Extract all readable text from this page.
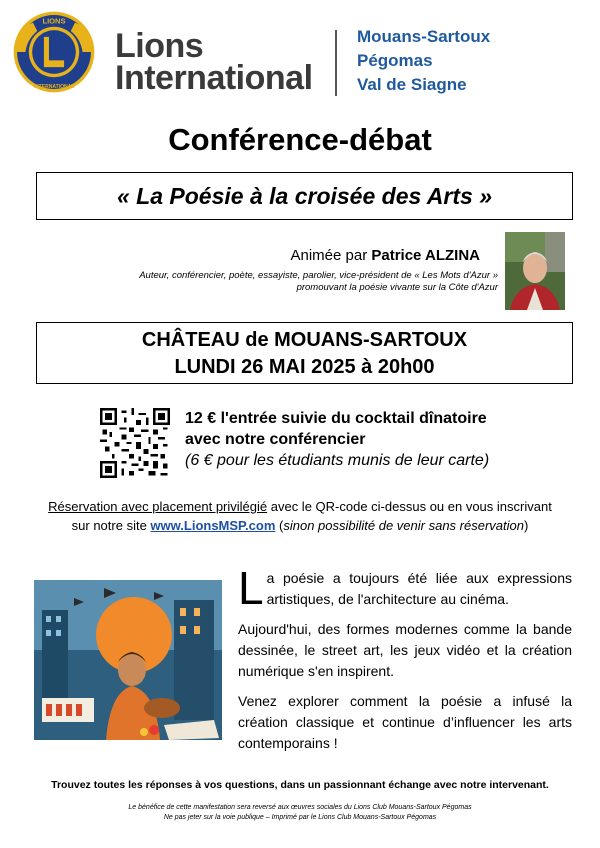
LIONS
INTERNATIONAL
Lions
International
Mouans-Sartoux
Pégomas
Val de Siagne
Conférence-débat
« La Poésie à la croisée des Arts »
Animée par Patrice ALZINA
Auteur, conférencier, poète, essayiste, parolier, vice-président de « Les Mots d'Azur »
promouvant la poésie vivante sur la Côte d'Azur
CHÂTEAU de MOUANS-SARTOUX
LUNDI 26 MAI 2025 à 20h00
12 € l'entrée suivie du cocktail dînatoire
avec notre conférencier
(6 € pour les étudiants munis de leur carte)
Réservation avec placement privilégié avec le QR-code ci-dessus ou en vous inscrivant
sur notre site www.LionsMSP.com (sinon possibilité de venir sans réservation)

La poésie a toujours été liée aux expressions artistiques, de l'architecture au cinéma.

Aujourd'hui, des formes modernes comme la bande dessinée, le street art, les jeux vidéo et la création numérique s'en inspirent.

Venez explorer comment la poésie a infusé la création classique et continue d’influencer les arts contemporains !

Trouvez toutes les réponses à vos questions, dans un passionnant échange avec notre intervenant.
Le bénéfice de cette manifestation sera reversé aux œuvres sociales du Lions Club Mouans-Sartoux Pégomas
Ne pas jeter sur la voie publique – Imprimé par le Lions Club Mouans-Sartoux Pégomas
